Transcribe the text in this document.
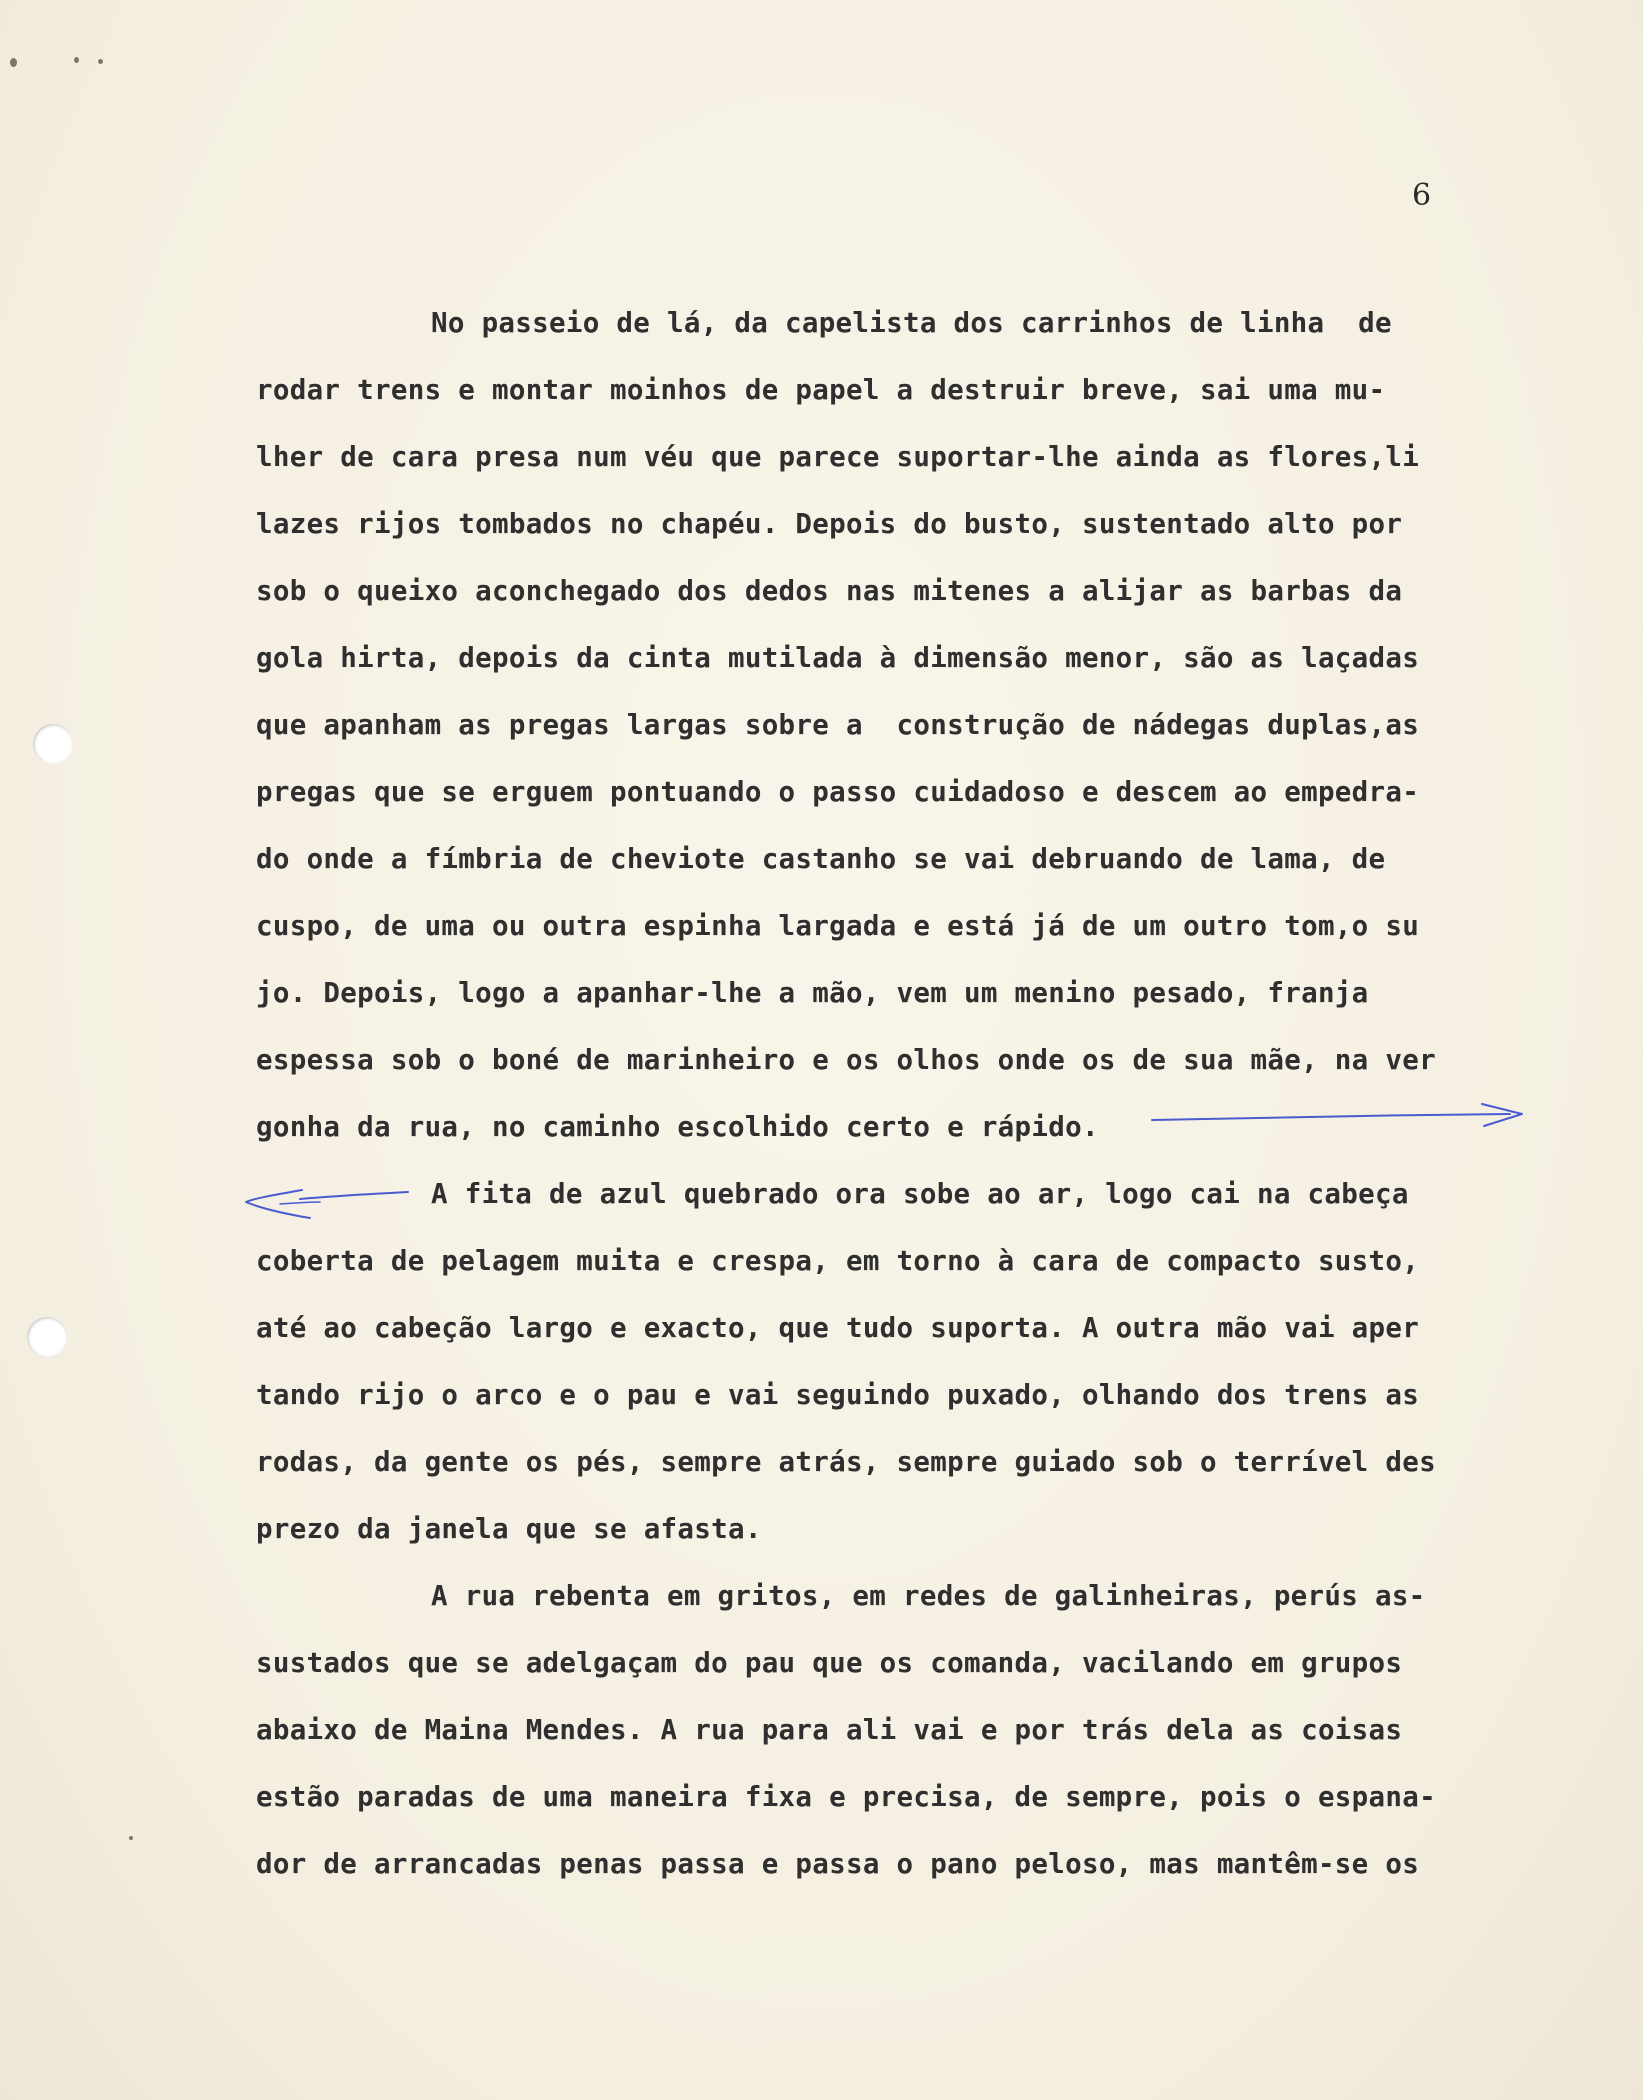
6
No passeio de lá, da capelista dos carrinhos de linha  de
rodar trens e montar moinhos de papel a destruir breve, sai uma mu-
lher de cara presa num véu que parece suportar-lhe ainda as flores,li
lazes rijos tombados no chapéu. Depois do busto, sustentado alto por
sob o queixo aconchegado dos dedos nas mitenes a alijar as barbas da
gola hirta, depois da cinta mutilada à dimensão menor, são as laçadas
que apanham as pregas largas sobre a  construção de nádegas duplas,as
pregas que se erguem pontuando o passo cuidadoso e descem ao empedra-
do onde a fímbria de cheviote castanho se vai debruando de lama, de
cuspo, de uma ou outra espinha largada e está já de um outro tom,o su
jo. Depois, logo a apanhar-lhe a mão, vem um menino pesado, franja
espessa sob o boné de marinheiro e os olhos onde os de sua mãe, na ver
gonha da rua, no caminho escolhido certo e rápido.
A fita de azul quebrado ora sobe ao ar, logo cai na cabeça
coberta de pelagem muita e crespa, em torno à cara de compacto susto,
até ao cabeção largo e exacto, que tudo suporta. A outra mão vai aper
tando rijo o arco e o pau e vai seguindo puxado, olhando dos trens as
rodas, da gente os pés, sempre atrás, sempre guiado sob o terrível des
prezo da janela que se afasta.
A rua rebenta em gritos, em redes de galinheiras, perús as-
sustados que se adelgaçam do pau que os comanda, vacilando em grupos
abaixo de Maina Mendes. A rua para ali vai e por trás dela as coisas
estão paradas de uma maneira fixa e precisa, de sempre, pois o espana-
dor de arrancadas penas passa e passa o pano peloso, mas mantêm-se os
